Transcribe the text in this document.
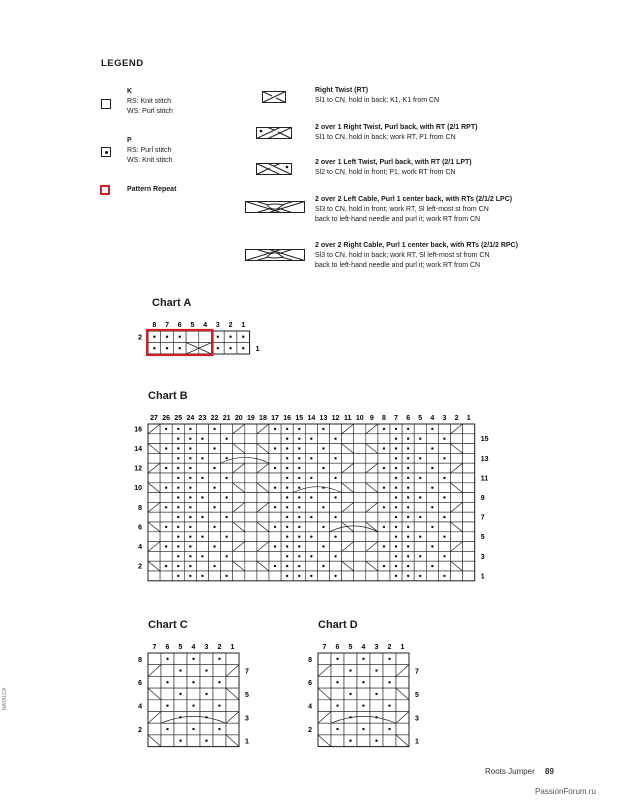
LEGEND
K
RS: Knit stitch
WS: Purl stitch
P
RS: Purl stitch
WS: Knit stitch
Pattern Repeat
Right Twist (RT)
Sl1 to CN, hold in back; K1, K1 from CN
2 over 1 Right Twist, Purl back, with RT (2/1 RPT)
Sl1 to CN, hold in back; work RT, P1 from CN
2 over 1 Left Twist, Purl back, with RT (2/1 LPT)
Sl2 to CN, hold in front; P1, work RT from CN
2 over 2 Left Cable, Purl 1 center back, with RTs (2/1/2 LPC)
Sl3 to CN, hold in front; work RT, Sl left-most st from CN
back to left-hand needle and purl it; work RT from CN
2 over 2 Right Cable, Purl 1 center back, with RTs (2/1/2 RPC)
Sl3 to CN, hold in back; work RT, Sl left-most st from CN
back to left-hand needle and purl it; work RT from CN
Chart A
8 7 6 5 4 3 2 1
2
1
Chart B
27 26 25 24 23 22 21 20 19 18 17 16 15 14 13 12 11 10 9 8 7 6 5 4 3 2 1
16
14
12
10
8
6
4
2
15
13
11
9
7
5
3
1
Chart C
7 6 5 4 3 2 1
8
6
4
2
7
5
3
1
Chart D
7 6 5 4 3 2 1
8
6
4
2
7
5
3
1
NATALCA
Roots Jumper 89
PassionForum.ru
